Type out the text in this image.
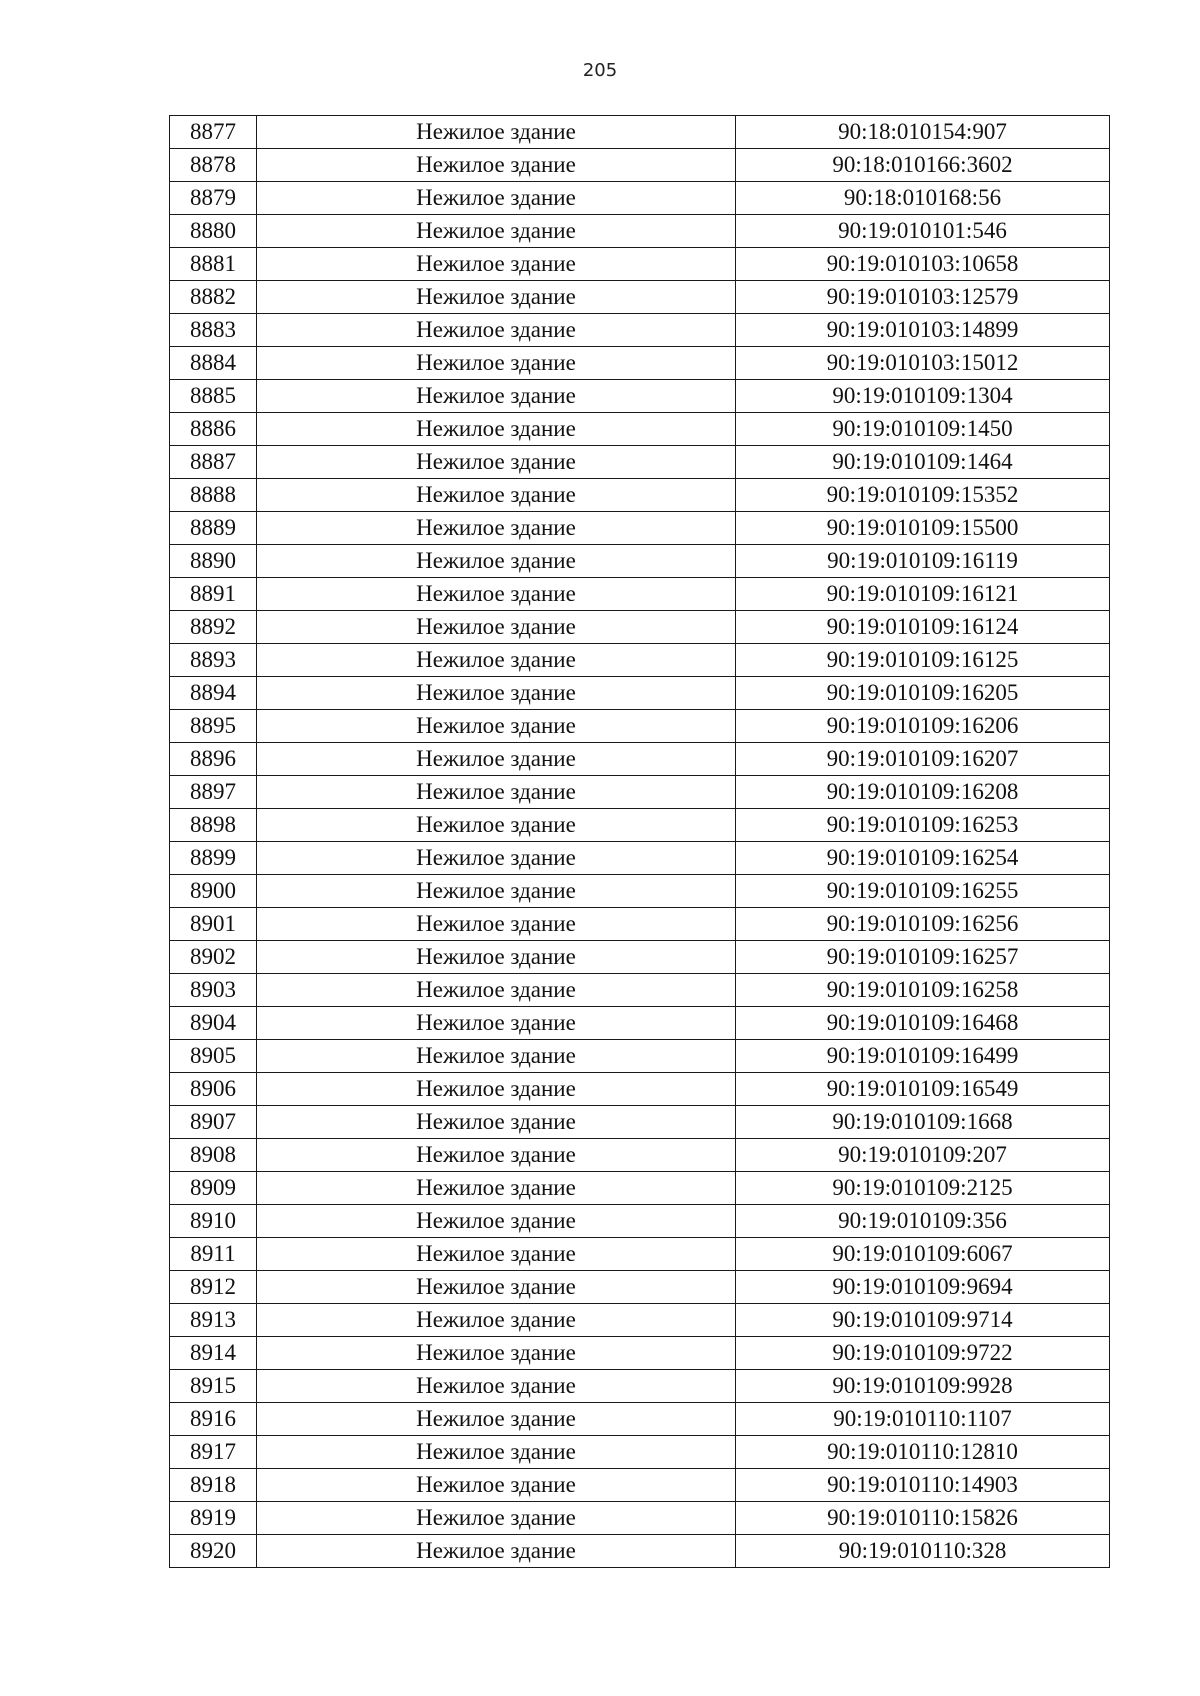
205
8877	Нежилое здание	90:18:010154:907
8878	Нежилое здание	90:18:010166:3602
8879	Нежилое здание	90:18:010168:56
8880	Нежилое здание	90:19:010101:546
8881	Нежилое здание	90:19:010103:10658
8882	Нежилое здание	90:19:010103:12579
8883	Нежилое здание	90:19:010103:14899
8884	Нежилое здание	90:19:010103:15012
8885	Нежилое здание	90:19:010109:1304
8886	Нежилое здание	90:19:010109:1450
8887	Нежилое здание	90:19:010109:1464
8888	Нежилое здание	90:19:010109:15352
8889	Нежилое здание	90:19:010109:15500
8890	Нежилое здание	90:19:010109:16119
8891	Нежилое здание	90:19:010109:16121
8892	Нежилое здание	90:19:010109:16124
8893	Нежилое здание	90:19:010109:16125
8894	Нежилое здание	90:19:010109:16205
8895	Нежилое здание	90:19:010109:16206
8896	Нежилое здание	90:19:010109:16207
8897	Нежилое здание	90:19:010109:16208
8898	Нежилое здание	90:19:010109:16253
8899	Нежилое здание	90:19:010109:16254
8900	Нежилое здание	90:19:010109:16255
8901	Нежилое здание	90:19:010109:16256
8902	Нежилое здание	90:19:010109:16257
8903	Нежилое здание	90:19:010109:16258
8904	Нежилое здание	90:19:010109:16468
8905	Нежилое здание	90:19:010109:16499
8906	Нежилое здание	90:19:010109:16549
8907	Нежилое здание	90:19:010109:1668
8908	Нежилое здание	90:19:010109:207
8909	Нежилое здание	90:19:010109:2125
8910	Нежилое здание	90:19:010109:356
8911	Нежилое здание	90:19:010109:6067
8912	Нежилое здание	90:19:010109:9694
8913	Нежилое здание	90:19:010109:9714
8914	Нежилое здание	90:19:010109:9722
8915	Нежилое здание	90:19:010109:9928
8916	Нежилое здание	90:19:010110:1107
8917	Нежилое здание	90:19:010110:12810
8918	Нежилое здание	90:19:010110:14903
8919	Нежилое здание	90:19:010110:15826
8920	Нежилое здание	90:19:010110:328
